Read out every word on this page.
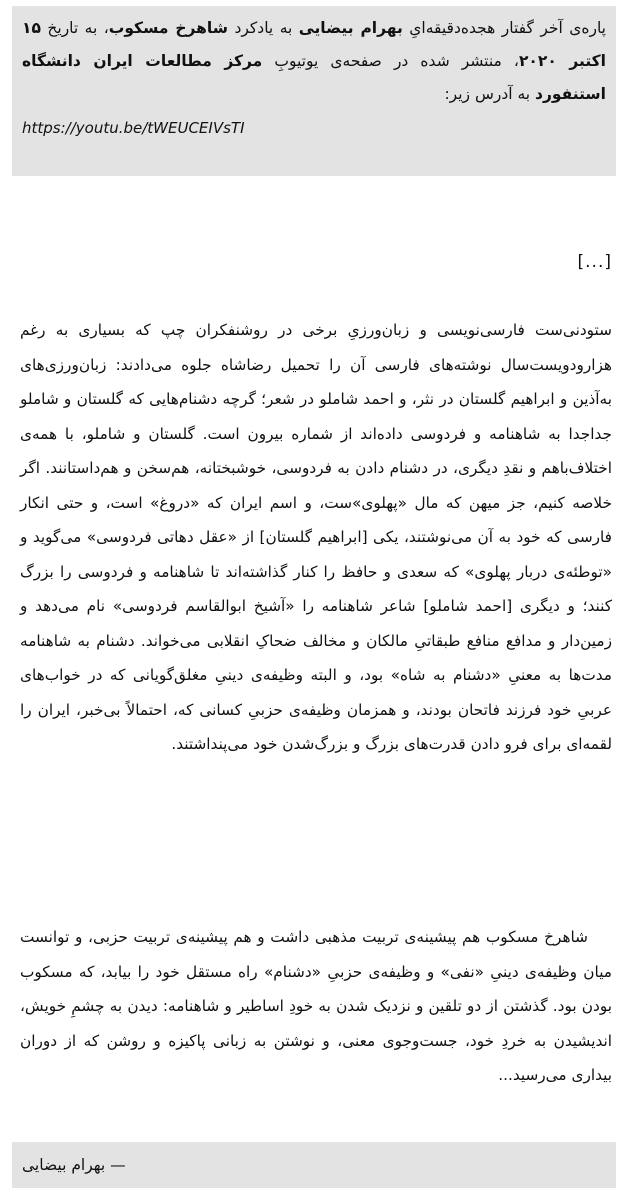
پاره‌ی آخر گفتار هجده‌دقیقه‌ایِ بهرام بیضایی به یادکرد شاهرخ مسکوب، به تاریخ ۱۵ اکتبر ۲۰۲۰، منتشر شده در صفحه‌ی یوتیوبِ مرکز مطالعات ایران دانشگاه استنفورد به آدرس زیر:
https://youtu.be/tWEUCEIVsTI
[...]

ستودنی‌ست فارسی‌نویسی و زبان‌ورزیِ برخی در روشنفکران چپ که بسیاری به رغم هزارودویست‌سال نوشته‌های فارسی آن را تحمیل رضاشاه جلوه می‌دادند: زبان‌ورزی‌های به‌آذین و ابراهیم گلستان در نثر، و احمد شاملو در شعر؛ گرچه دشنام‌هایی که گلستان و شاملو جداجدا به شاهنامه و فردوسی داده‌اند از شماره بیرون است. گلستان و شاملو، با همه‌ی اختلاف‌باهم و نقدِ دیگری، در دشنام دادن به فردوسی، خوشبختانه، هم‌سخن و هم‌داستانند. اگر خلاصه کنیم، جز میهن که مال «پهلوی»ست، و اسم ایران که «دروغ» است، و حتی انکار فارسی که خود به آن می‌نوشتند، یکی [ابراهیم گلستان] از «عقل دهاتی فردوسی» می‌گوید و «توطئه‌ی دربار پهلوی» که سعدی و حافظ را کنار گذاشته‌اند تا شاهنامه و فردوسی را بزرگ کنند؛ و دیگری [احمد شاملو] شاعر شاهنامه را «آشیخ ابوالقاسم فردوسی» نام می‌دهد و زمین‌دار و مدافع منافع طبقاتیِ مالکان و مخالف ضحاکِ انقلابی می‌خواند. دشنام به شاهنامه مدت‌ها به معنیِ «دشنام به شاه» بود، و البته وظیفه‌ی دینیِ مغلق‌گویانی که در خواب‌های عربیِ خود فرزند فاتحان بودند، و همزمان وظیفه‌ی حزبیِ کسانی که، احتمالاً بی‌خبر، ایران را لقمه‌ای برای فرو دادن قدرت‌های بزرگ و بزرگ‌شدن خود می‌پنداشتند.

شاهرخ مسکوب هم پیشینه‌ی تربیت مذهبی داشت و هم پیشینه‌ی تربیت حزبی، و توانست میان وظیفه‌ی دینیِ «نفی» و وظیفه‌ی حزبیِ «دشنام» راه مستقل خود را بیابد، که مسکوب بودن بود. گذشتن از دو تلقین و نزدیک شدن به خودِ اساطیر و شاهنامه: دیدن به چشمِ خویش، اندیشیدن به خردِ خود، جست‌وجوی معنی، و نوشتن به زبانی پاکیزه و روشن که از دوران بیداری می‌رسید...

— بهرام بیضایی
